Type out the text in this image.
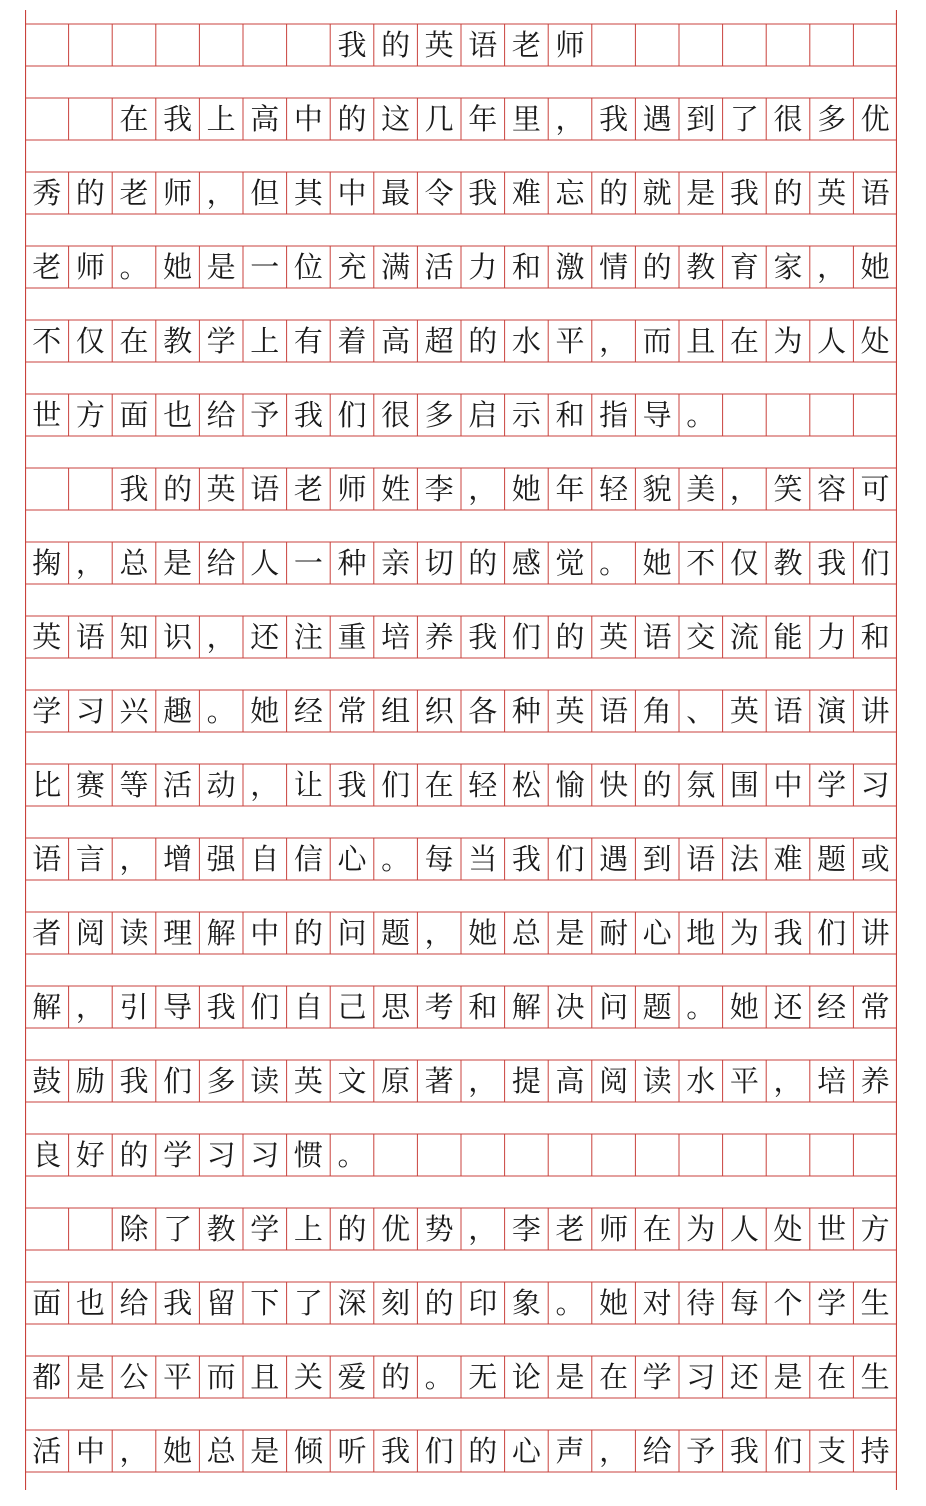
我 的 英 语 老 师
在 我 上 高 中 的 这 几 年 里 ， 我 遇 到 了 很 多 优
秀 的 老 师 ， 但 其 中 最 令 我 难 忘 的 就 是 我 的 英 语
老 师 。 她 是 一 位 充 满 活 力 和 激 情 的 教 育 家 ， 她
不 仅 在 教 学 上 有 着 高 超 的 水 平 ， 而 且 在 为 人 处
世 方 面 也 给 予 我 们 很 多 启 示 和 指 导 。
我 的 英 语 老 师 姓 李 ， 她 年 轻 貌 美 ， 笑 容 可
掬 ， 总 是 给 人 一 种 亲 切 的 感 觉 。 她 不 仅 教 我 们
英 语 知 识 ， 还 注 重 培 养 我 们 的 英 语 交 流 能 力 和
学 习 兴 趣 。 她 经 常 组 织 各 种 英 语 角 、 英 语 演 讲
比 赛 等 活 动 ， 让 我 们 在 轻 松 愉 快 的 氛 围 中 学 习
语 言 ， 增 强 自 信 心 。 每 当 我 们 遇 到 语 法 难 题 或
者 阅 读 理 解 中 的 问 题 ， 她 总 是 耐 心 地 为 我 们 讲
解 ， 引 导 我 们 自 己 思 考 和 解 决 问 题 。 她 还 经 常
鼓 励 我 们 多 读 英 文 原 著 ， 提 高 阅 读 水 平 ， 培 养
良 好 的 学 习 习 惯 。
除 了 教 学 上 的 优 势 ， 李 老 师 在 为 人 处 世 方
面 也 给 我 留 下 了 深 刻 的 印 象 。 她 对 待 每 个 学 生
都 是 公 平 而 且 关 爱 的 。 无 论 是 在 学 习 还 是 在 生
活 中 ， 她 总 是 倾 听 我 们 的 心 声 ， 给 予 我 们 支 持
